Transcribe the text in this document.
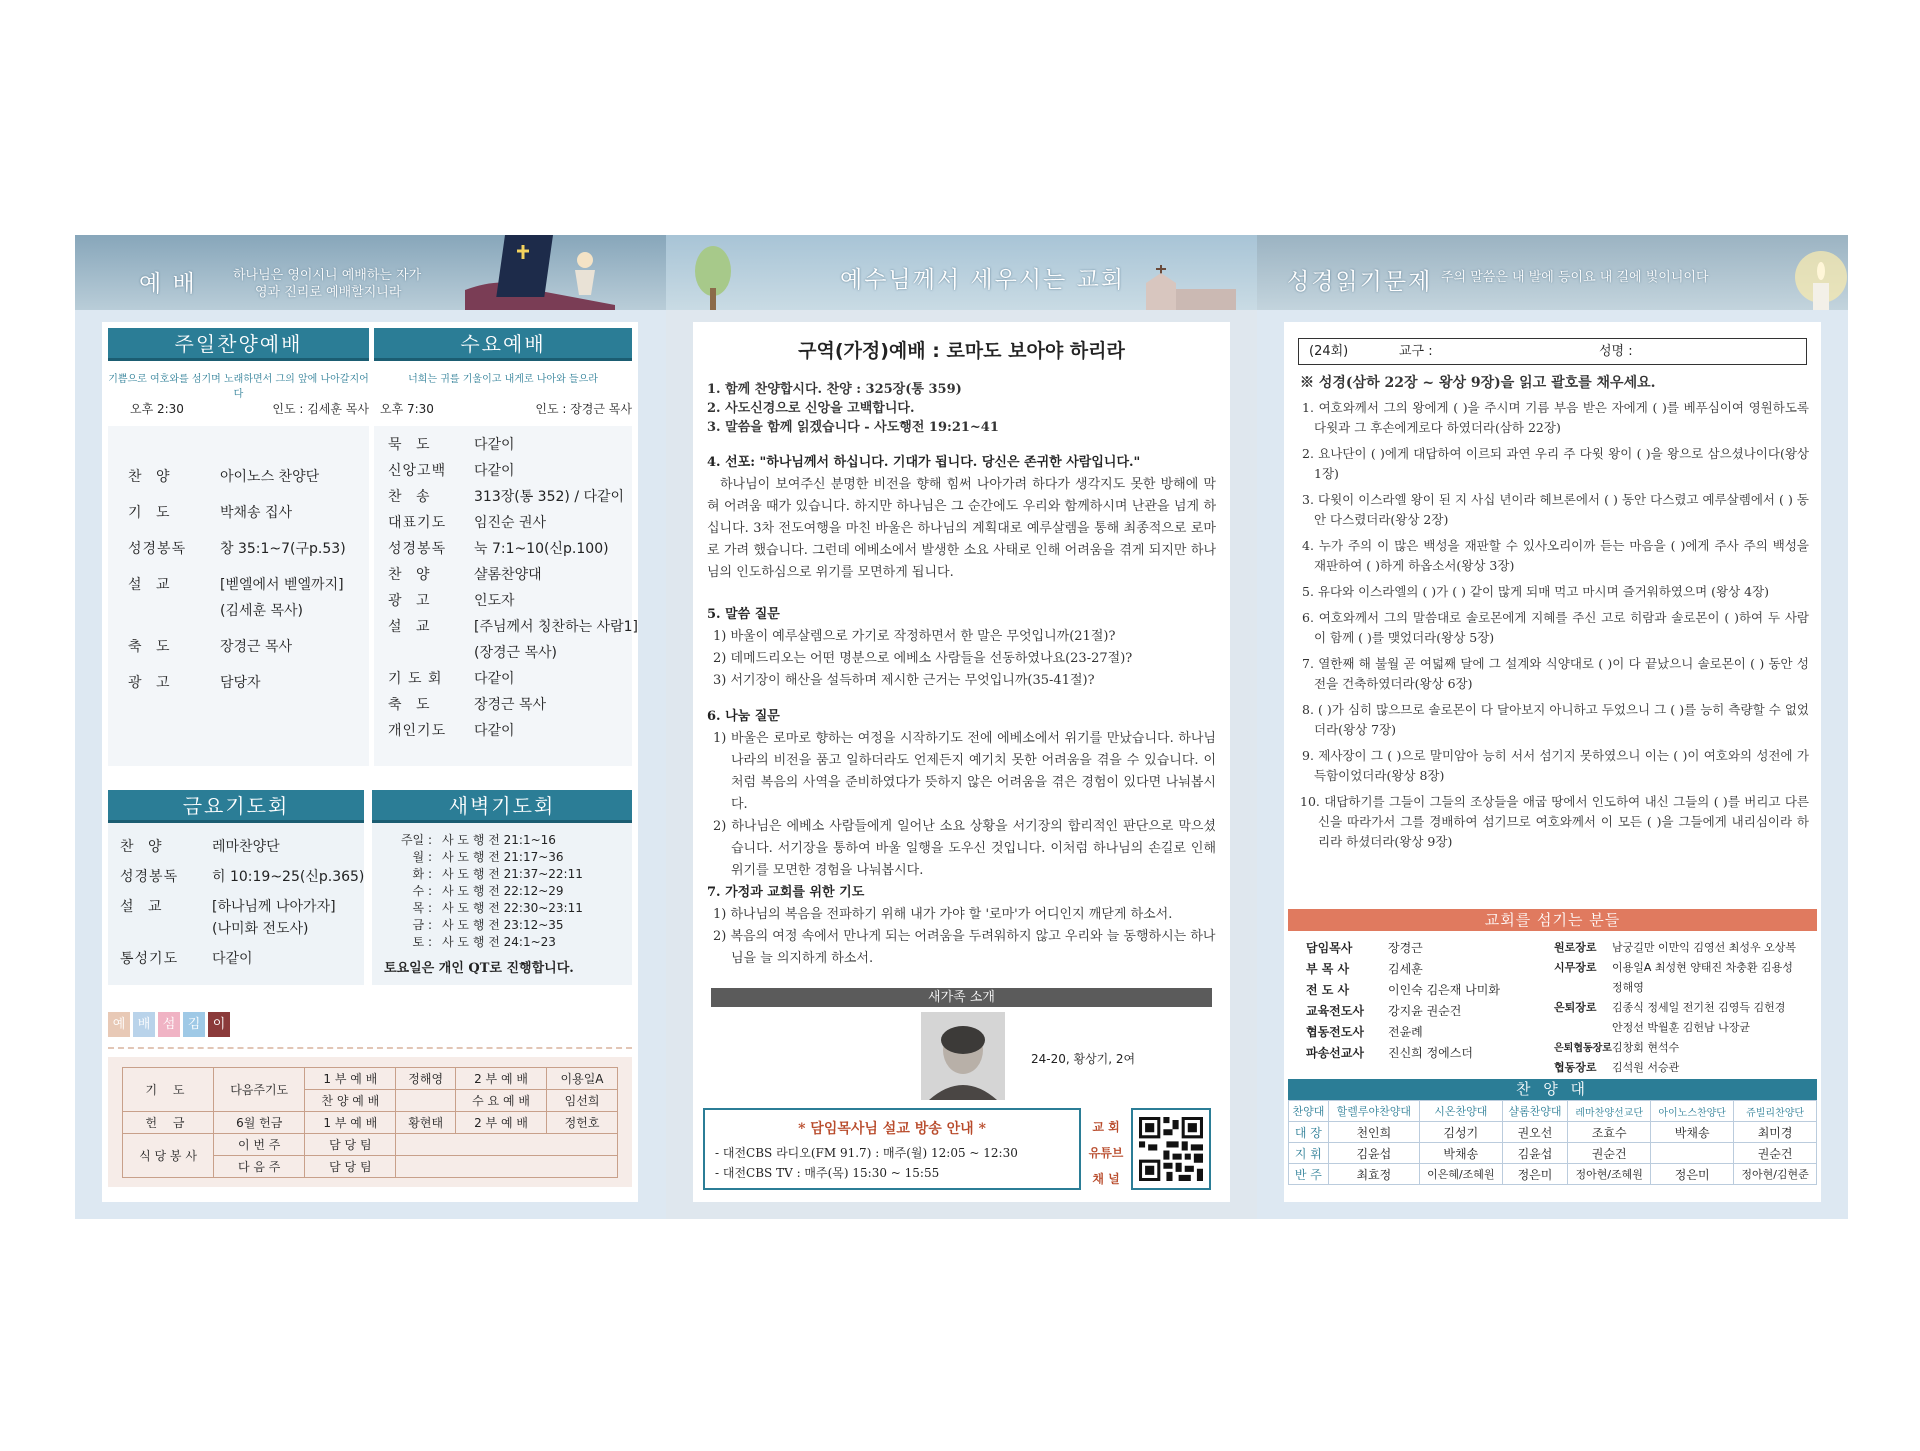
예 배	하나님은 영이시니 예배하는 자가
영과 진리로 예배할지니라
주일찬양예배
기쁨으로 여호와를 섬기며 노래하면서 그의 앞에 나아갈지어다
오후 2:30	인도 : 김세훈 목사
찬 양	아이노스 찬양단
기 도	박채송 집사
성경봉독	창 35:1~7(구p.53)
설 교	[벧엘에서 벧엘까지]
(김세훈 목사)
축 도	장경근 목사
광 고	담당자
수요예배
너희는 귀를 기울이고 내게로 나아와 들으라
오후 7:30	인도 : 장경근 목사
묵 도	다같이
신앙고백	다같이
찬 송	313장(통 352) / 다같이
대표기도	임진순 권사
성경봉독	눅 7:1~10(신p.100)
찬 양	샬롬찬양대
광 고	인도자
설 교	[주님께서 칭찬하는 사람1]
(장경근 목사)
기 도 회	다같이
축 도	장경근 목사
개인기도	다같이
금요기도회
찬 양	레마찬양단
성경봉독	히 10:19~25(신p.365)
설 교	[하나님께 나아가자]
(나미화 전도사)
통성기도	다같이
새벽기도회
주일 : 사 도 행 전 21:1~16
월 : 사 도 행 전 21:17~36
화 : 사 도 행 전 21:37~22:11
수 : 사 도 행 전 22:12~29
목 : 사 도 행 전 22:30~23:11
금 : 사 도 행 전 23:12~35
토 : 사 도 행 전 24:1~23
토요일은 개인 QT로 진행합니다.
예 배 섬 김 이
기 도	다음주기도	1 부 예 배	정해영	2 부 예 배	이용일A
		찬 양 예 배		수 요 예 배	임선희
헌 금	6월 헌금	1 부 예 배	황현태	2 부 예 배	정헌호
식 당 봉 사	이 번 주	담 당 팀			
	다 음 주	담 당 팀			
예수님께서 세우시는 교회
구역(가정)예배 : 로마도 보아야 하리라
1. 함께 찬양합시다. 찬양 : 325장(통 359)
2. 사도신경으로 신앙을 고백합니다.
3. 말씀을 함께 읽겠습니다 - 사도행전 19:21~41
4. 선포: "하나님께서 하십니다. 기대가 됩니다. 당신은 존귀한 사람입니다."
하나님이 보여주신 분명한 비전을 향해 힘써 나아가려 하다가 생각지도 못한 방해에 막혀 어려움 때가 있습니다. 하지만 하나님은 그 순간에도 우리와 함께하시며 난관을 넘게 하십니다. 3차 전도여행을 마친 바울은 하나님의 계획대로 예루살렘을 통해 최종적으로 로마로 가려 했습니다. 그런데 에베소에서 발생한 소요 사태로 인해 어려움을 겪게 되지만 하나님의 인도하심으로 위기를 모면하게 됩니다.
5. 말씀 질문
1) 바울이 예루살렘으로 가기로 작정하면서 한 말은 무엇입니까(21절)?
2) 데메드리오는 어떤 명분으로 에베소 사람들을 선동하였나요(23-27절)?
3) 서기장이 해산을 설득하며 제시한 근거는 무엇입니까(35-41절)?
6. 나눔 질문
1) 바울은 로마로 향하는 여정을 시작하기도 전에 에베소에서 위기를 만났습니다. 하나님 나라의 비전을 품고 일하더라도 언제든지 예기치 못한 어려움을 겪을 수 있습니다. 이처럼 복음의 사역을 준비하였다가 뜻하지 않은 어려움을 겪은 경험이 있다면 나눠봅시다.
2) 하나님은 에베소 사람들에게 일어난 소요 상황을 서기장의 합리적인 판단으로 막으셨습니다. 서기장을 통하여 바울 일행을 도우신 것입니다. 이처럼 하나님의 손길로 인해 위기를 모면한 경험을 나눠봅시다.
7. 가정과 교회를 위한 기도
1) 하나님의 복음을 전파하기 위해 내가 가야 할 '로마'가 어디인지 깨닫게 하소서.
2) 복음의 여정 속에서 만나게 되는 어려움을 두려워하지 않고 우리와 늘 동행하시는 하나님을 늘 의지하게 하소서.
새가족 소개
24-20, 황상기, 2여
* 담임목사님 설교 방송 안내 *
- 대전CBS 라디오(FM 91.7) : 매주(월) 12:05 ~ 12:30
- 대전CBS TV : 매주(목) 15:30 ~ 15:55
교 회
유튜브
채 널
성경읽기문제 주의 말씀은 내 발에 등이요 내 길에 빛이니이다
(24회)	교구 :	성명 :
※ 성경(삼하 22장 ~ 왕상 9장)을 읽고 괄호를 채우세요.
1. 여호와께서 그의 왕에게 ( )을 주시며 기름 부음 받은 자에게 ( )를 베푸심이여 영원하도록 다윗과 그 후손에게로다 하였더라(삼하 22장)
2. 요나단이 ( )에게 대답하여 이르되 과연 우리 주 다윗 왕이 ( )을 왕으로 삼으셨나이다(왕상 1장)
3. 다윗이 이스라엘 왕이 된 지 사십 년이라 헤브론에서 ( ) 동안 다스렸고 예루살렘에서 ( ) 동안 다스렸더라(왕상 2장)
4. 누가 주의 이 많은 백성을 재판할 수 있사오리이까 듣는 마음을 ( )에게 주사 주의 백성을 재판하여 ( )하게 하옵소서(왕상 3장)
5. 유다와 이스라엘의 ( )가 ( ) 같이 많게 되매 먹고 마시며 즐거워하였으며 (왕상 4장)
6. 여호와께서 그의 말씀대로 솔로몬에게 지혜를 주신 고로 히람과 솔로몬이 ( )하여 두 사람이 함께 ( )를 맺었더라(왕상 5장)
7. 열한째 해 불월 곧 여덟째 달에 그 설계와 식양대로 ( )이 다 끝났으니 솔로몬이 ( ) 동안 성전을 건축하였더라(왕상 6장)
8. ( )가 심히 많으므로 솔로몬이 다 달아보지 아니하고 두었으니 그 ( )를 능히 측량할 수 없었더라(왕상 7장)
9. 제사장이 그 ( )으로 말미암아 능히 서서 섬기지 못하였으니 이는 ( )이 여호와의 성전에 가득함이었더라(왕상 8장)
10. 대답하기를 그들이 그들의 조상들을 애굽 땅에서 인도하여 내신 그들의 ( )를 버리고 다른 신을 따라가서 그를 경배하여 섬기므로 여호와께서 이 모든 ( )을 그들에게 내리심이라 하리라 하셨더라(왕상 9장)
교회를 섬기는 분들
담임목사	장경근
부 목 사	김세훈
전 도 사	이인숙 김은재 나미화
교육전도사	강지윤 권순건
협동전도사	전윤례
파송선교사	진신희 정에스더
원로장로	남궁길만 이만익 김영선 최성우 오상복
시무장로	이용일A 최성현 양태진 차충환 김용성
	정해영
은퇴장로	김종식 정세일 전기천 김영득 김헌경
	안정선 박월훈 김헌남 나장균
은퇴협동장로	김창회 현석수
협동장로	김석원 서승관
찬 양 대
찬양대	할렐루야찬양대	시온찬양대	샬롬찬양대	레마찬양선교단	아이노스찬양단	쥬빌리찬양단
대 장	천인희	김성기	권오선	조효수	박채송	최미경
지 휘	김윤섭	박채송	김윤섭	권순건		권순건
반 주	최효정	이은혜/조혜원	정은미	정아현/조혜원	정은미	정아현/김현준
